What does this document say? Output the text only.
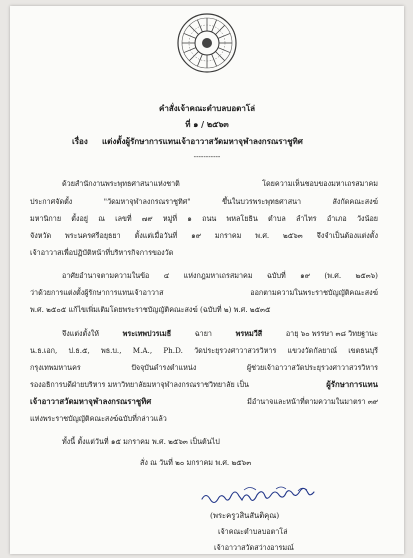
คำสั่งเจ้าคณะตำบลบอตาโล่
ที่ ๑ / ๒๕๖๓
เรื่อง แต่งตั้งผู้รักษาการแทนเจ้าอาวาสวัดมหาจุฬาลงกรณราชูทิศ
-----------
ด้วยสำนักงานพระพุทธศาสนาแห่งชาติ โดยความเห็นชอบของมหาเถรสมาคม
ประกาศจัดตั้ง "วัดมหาจุฬาลงกรณราชูทิศ" ขึ้นในบวรพระพุทธศาสนา สังกัดคณะสงฆ์
มหานิกาย ตั้งอยู่ ณ เลขที่ ๗๙ หมู่ที่ ๑ ถนน พหลโยธิน ตำบล ลำไทร อำเภอ วังน้อย
จังหวัด พระนครศรีอยุธยา ตั้งแต่เมื่อวันที่ ๑๙ มกราคม พ.ศ. ๒๕๖๓ จึงจำเป็นต้องแต่งตั้ง
เจ้าอาวาสเพื่อปฏิบัติหน้าที่บริหารกิจการของวัด
อาศัยอำนาจตามความในข้อ ๔ แห่งกฎมหาเถรสมาคม ฉบับที่ ๑๙ (พ.ศ. ๒๕๓๖)
ว่าด้วยการแต่งตั้งผู้รักษาการแทนเจ้าอาวาส ออกตามความในพระราชบัญญัติคณะสงฆ์
พ.ศ. ๒๕๐๕ แก้ไขเพิ่มเติมโดยพระราชบัญญัติคณะสงฆ์ (ฉบับที่ ๒) พ.ศ. ๒๕๓๕
จึงแต่งตั้งให้	พระเทพปวรเมธี	ฉายา	พรหมวีสี	อายุ ๖๐ พรรษา ๓๘ วิทยฐานะ
น.ธ.เอก, ป.ธ.๕, พธ.บ., M.A., Ph.D. วัดประยุรวงศาวาสวรวิหาร แขวงวัดกัลยาณ์ เขตธนบุรี
กรุงเทพมหานคร ปัจจุบันดำรงตำแหน่ง ผู้ช่วยเจ้าอาวาสวัดประยุรวงศาวาสวรวิหาร
รองอธิการบดีฝ่ายบริหาร มหาวิทยาลัยมหาจุฬาลงกรณราชวิทยาลัย เป็น	ผู้รักษาการแทน
เจ้าอาวาสวัดมหาจุฬาลงกรณราชูทิศ	มีอำนาจและหน้าที่ตามความในมาตรา ๓๙
แห่งพระราชบัญญัติคณะสงฆ์ฉบับที่กล่าวแล้ว
ทั้งนี้ ตั้งแต่วันที่ ๑๕ มกราคม พ.ศ. ๒๕๖๓ เป็นต้นไป
สั่ง ณ วันที่ ๒๐ มกราคม พ.ศ. ๒๕๖๓
(พระครูวสินสันติคุณ)
เจ้าคณะตำบลบอตาโล่
เจ้าอาวาสวัดสว่างอารมณ์
